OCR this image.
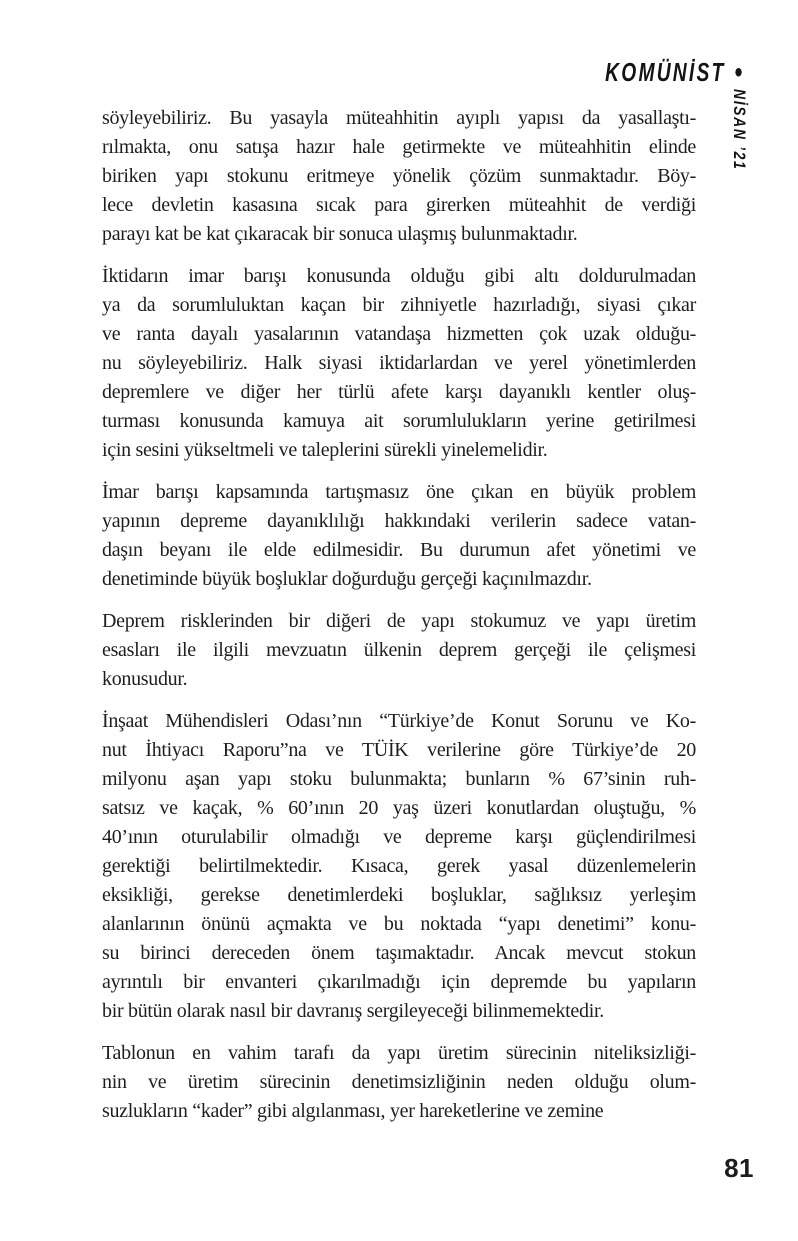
KOMÜNİST •
NİSAN ’21
söyleyebiliriz. Bu yasayla müteahhitin ayıplı yapısı da yasallaştı-
rılmakta, onu satışa hazır hale getirmekte ve müteahhitin elinde
biriken yapı stokunu eritmeye yönelik çözüm sunmaktadır. Böy-
lece devletin kasasına sıcak para girerken müteahhit de verdiği
parayı kat be kat çıkaracak bir sonuca ulaşmış bulunmaktadır.
İktidarın imar barışı konusunda olduğu gibi altı doldurulmadan
ya da sorumluluktan kaçan bir zihniyetle hazırladığı, siyasi çıkar
ve ranta dayalı yasalarının vatandaşa hizmetten çok uzak olduğu-
nu söyleyebiliriz. Halk siyasi iktidarlardan ve yerel yönetimlerden
depremlere ve diğer her türlü afete karşı dayanıklı kentler oluş-
turması konusunda kamuya ait sorumlulukların yerine getirilmesi
için sesini yükseltmeli ve taleplerini sürekli yinelemelidir.
İmar barışı kapsamında tartışmasız öne çıkan en büyük problem
yapının depreme dayanıklılığı hakkındaki verilerin sadece vatan-
daşın beyanı ile elde edilmesidir. Bu durumun afet yönetimi ve
denetiminde büyük boşluklar doğurduğu gerçeği kaçınılmazdır.
Deprem risklerinden bir diğeri de yapı stokumuz ve yapı üretim
esasları ile ilgili mevzuatın ülkenin deprem gerçeği ile çelişmesi
konusudur.
İnşaat Mühendisleri Odası’nın “Türkiye’de Konut Sorunu ve Ko-
nut İhtiyacı Raporu”na ve TÜİK verilerine göre Türkiye’de 20
milyonu aşan yapı stoku bulunmakta; bunların % 67’sinin ruh-
satsız ve kaçak, % 60’ının 20 yaş üzeri konutlardan oluştuğu, %
40’ının oturulabilir olmadığı ve depreme karşı güçlendirilmesi
gerektiği belirtilmektedir. Kısaca, gerek yasal düzenlemelerin
eksikliği, gerekse denetimlerdeki boşluklar, sağlıksız yerleşim
alanlarının önünü açmakta ve bu noktada “yapı denetimi” konu-
su birinci dereceden önem taşımaktadır. Ancak mevcut stokun
ayrıntılı bir envanteri çıkarılmadığı için depremde bu yapıların
bir bütün olarak nasıl bir davranış sergileyeceği bilinmemektedir.
Tablonun en vahim tarafı da yapı üretim sürecinin niteliksizliği-
nin ve üretim sürecinin denetimsizliğinin neden olduğu olum-
suzlukların “kader” gibi algılanması, yer hareketlerine ve zemine
81
